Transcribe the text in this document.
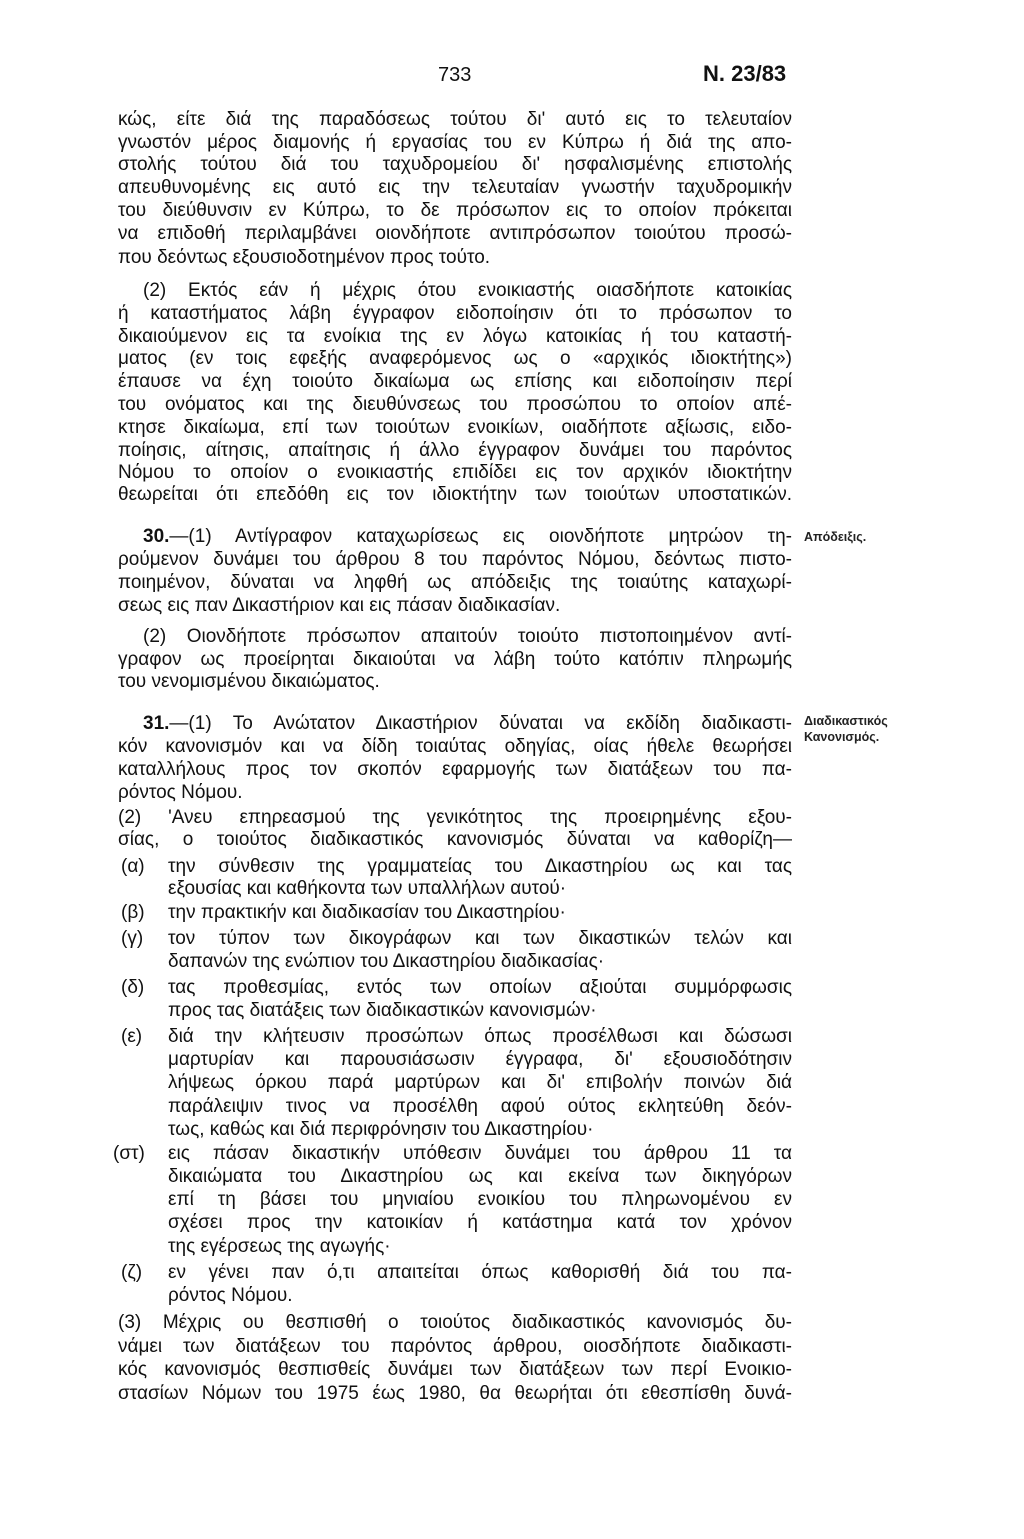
733	Ν. 23/83
κώς, είτε διά της παραδόσεως τούτου δι' αυτό εις το τελευταίον
γνωστόν μέρος διαμονής ή εργασίας του εν Κύπρω ή διά της απο-
στολής τούτου διά του ταχυδρομείου δι' ησφαλισμένης επιστολής
απευθυνομένης εις αυτό εις την τελευταίαν γνωστήν ταχυδρομικήν
του διεύθυνσιν εν Κύπρω, το δε πρόσωπον εις το οποίον πρόκειται
να επιδοθή περιλαμβάνει οιονδήποτε αντιπρόσωπον τοιούτου προσώ-
που δεόντως εξουσιοδοτημένον προς τούτο.
(2) Εκτός εάν ή μέχρις ότου ενοικιαστής οιασδήποτε κατοικίας
ή καταστήματος λάβη έγγραφον ειδοποίησιν ότι το πρόσωπον το
δικαιούμενον εις τα ενοίκια της εν λόγω κατοικίας ή του καταστή-
ματος (εν τοις εφεξής αναφερόμενος ως ο «αρχικός ιδιοκτήτης»)
έπαυσε να έχη τοιούτο δικαίωμα ως επίσης και ειδοποίησιν περί
του ονόματος και της διευθύνσεως του προσώπου το οποίον απέ-
κτησε δικαίωμα, επί των τοιούτων ενοικίων, οιαδήποτε αξίωσις, ειδο-
ποίησις, αίτησις, απαίτησις ή άλλο έγγραφον δυνάμει του παρόντος
Νόμου το οποίον ο ενοικιαστής επιδίδει εις τον αρχικόν ιδιοκτήτην
θεωρείται ότι επεδόθη εις τον ιδιοκτήτην των τοιούτων υποστατικών.
Απόδειξις.
30.—(1) Αντίγραφον καταχωρίσεως εις οιονδήποτε μητρώον τη-
ρούμενον δυνάμει του άρθρου 8 του παρόντος Νόμου, δεόντως πιστο-
ποιημένον, δύναται να ληφθή ως απόδειξις της τοιαύτης καταχωρί-
σεως εις παν Δικαστήριον και εις πάσαν διαδικασίαν.
(2) Οιονδήποτε πρόσωπον απαιτούν τοιούτο πιστοποιημένον αντί-
γραφον ως προείρηται δικαιούται να λάβη τούτο κατόπιν πληρωμής
του νενομισμένου δικαιώματος.
Διαδικαστικός
Κανονισμός.
31.—(1) Το Ανώτατον Δικαστήριον δύναται να εκδίδη διαδικαστι-
κόν κανονισμόν και να δίδη τοιαύτας οδηγίας, οίας ήθελε θεωρήσει
καταλλήλους προς τον σκοπόν εφαρμογής των διατάξεων του πα-
ρόντος Νόμου.
(2) 'Ανευ επηρεασμού της γενικότητος της προειρημένης εξου-
σίας, ο τοιούτος διαδικαστικός κανονισμός δύναται να καθορίζη—
(α) την σύνθεσιν της γραμματείας του Δικαστηρίου ως και τας
εξουσίας και καθήκοντα των υπαλλήλων αυτού·
(β) την πρακτικήν και διαδικασίαν του Δικαστηρίου·
(γ) τον τύπον των δικογράφων και των δικαστικών τελών και
δαπανών της ενώπιον του Δικαστηρίου διαδικασίας·
(δ) τας προθεσμίας, εντός των οποίων αξιούται συμμόρφωσις
προς τας διατάξεις των διαδικαστικών κανονισμών·
(ε) διά την κλήτευσιν προσώπων όπως προσέλθωσι και δώσωσι
μαρτυρίαν και παρουσιάσωσιν έγγραφα, δι' εξουσιοδότησιν
λήψεως όρκου παρά μαρτύρων και δι' επιβολήν ποινών διά
παράλειψιν τινος να προσέλθη αφού ούτος εκλητεύθη δεόν-
τως, καθώς και διά περιφρόνησιν του Δικαστηρίου·
(στ) εις πάσαν δικαστικήν υπόθεσιν δυνάμει του άρθρου 11 τα
δικαιώματα του Δικαστηρίου ως και εκείνα των δικηγόρων
επί τη βάσει του μηνιαίου ενοικίου του πληρωνομένου εν
σχέσει προς την κατοικίαν ή κατάστημα κατά τον χρόνον
της εγέρσεως της αγωγής·
(ζ) εν γένει παν ό,τι απαιτείται όπως καθορισθή διά του πα-
ρόντος Νόμου.
(3) Μέχρις ου θεσπισθή ο τοιούτος διαδικαστικός κανονισμός δυ-
νάμει των διατάξεων του παρόντος άρθρου, οιοσδήποτε διαδικαστι-
κός κανονισμός θεσπισθείς δυνάμει των διατάξεων των περί Ενοικιο-
στασίων Νόμων του 1975 έως 1980, θα θεωρήται ότι εθεσπίσθη δυνά-
